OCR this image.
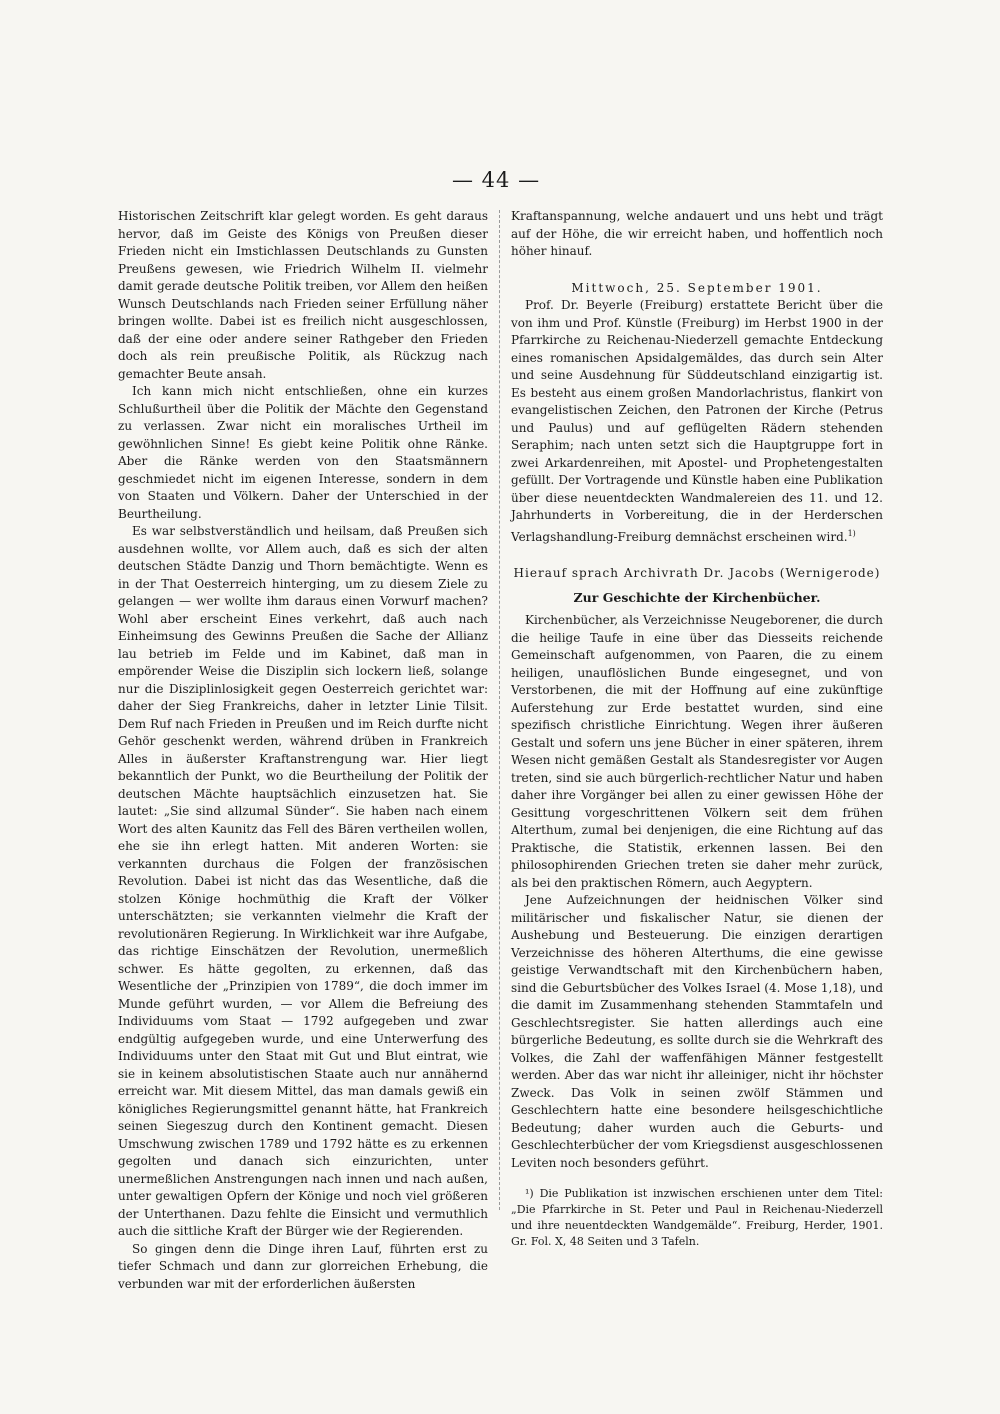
— 44 —

Historischen Zeitschrift klar gelegt worden. Es geht daraus hervor, daß im Geiste des Königs von Preußen dieser Frieden nicht ein Imstichlassen Deutschlands zu Gunsten Preußens gewesen, wie Friedrich Wilhelm II. vielmehr damit gerade deutsche Politik treiben, vor Allem den heißen Wunsch Deutschlands nach Frieden seiner Erfüllung näher bringen wollte. Dabei ist es freilich nicht ausgeschlossen, daß der eine oder andere seiner Rathgeber den Frieden doch als rein preußische Politik, als Rückzug nach gemachter Beute ansah.

Ich kann mich nicht entschließen, ohne ein kurzes Schlußurtheil über die Politik der Mächte den Gegenstand zu verlassen. Zwar nicht ein moralisches Urtheil im gewöhnlichen Sinne! Es giebt keine Politik ohne Ränke. Aber die Ränke werden von den Staatsmännern geschmiedet nicht im eigenen Interesse, sondern in dem von Staaten und Völkern. Daher der Unterschied in der Beurtheilung.

Es war selbstverständlich und heilsam, daß Preußen sich ausdehnen wollte, vor Allem auch, daß es sich der alten deutschen Städte Danzig und Thorn bemächtigte. Wenn es in der That Oesterreich hinterging, um zu diesem Ziele zu gelangen — wer wollte ihm daraus einen Vorwurf machen? Wohl aber erscheint Eines verkehrt, daß auch nach Einheimsung des Gewinns Preußen die Sache der Allianz lau betrieb im Felde und im Kabinet, daß man in empörender Weise die Disziplin sich lockern ließ, solange nur die Disziplinlosigkeit gegen Oesterreich gerichtet war: daher der Sieg Frankreichs, daher in letzter Linie Tilsit. Dem Ruf nach Frieden in Preußen und im Reich durfte nicht Gehör geschenkt werden, während drüben in Frankreich Alles in äußerster Kraftanstrengung war. Hier liegt bekanntlich der Punkt, wo die Beurtheilung der Politik der deutschen Mächte hauptsächlich einzusetzen hat. Sie lautet: „Sie sind allzumal Sünder“. Sie haben nach einem Wort des alten Kaunitz das Fell des Bären vertheilen wollen, ehe sie ihn erlegt hatten. Mit anderen Worten: sie verkannten durchaus die Folgen der französischen Revolution. Dabei ist nicht das das Wesentliche, daß die stolzen Könige hochmüthig die Kraft der Völker unterschätzten; sie verkannten vielmehr die Kraft der revolutionären Regierung. In Wirklichkeit war ihre Aufgabe, das richtige Einschätzen der Revolution, unermeßlich schwer. Es hätte gegolten, zu erkennen, daß das Wesentliche der „Prinzipien von 1789“, die doch immer im Munde geführt wurden, — vor Allem die Befreiung des Individuums vom Staat — 1792 aufgegeben und zwar endgültig aufgegeben wurde, und eine Unterwerfung des Individuums unter den Staat mit Gut und Blut eintrat, wie sie in keinem absolutistischen Staate auch nur annähernd erreicht war. Mit diesem Mittel, das man damals gewiß ein königliches Regierungsmittel genannt hätte, hat Frankreich seinen Siegeszug durch den Kontinent gemacht. Diesen Umschwung zwischen 1789 und 1792 hätte es zu erkennen gegolten und danach sich einzurichten, unter unermeßlichen Anstrengungen nach innen und nach außen, unter gewaltigen Opfern der Könige und noch viel größeren der Unterthanen. Dazu fehlte die Einsicht und vermuthlich auch die sittliche Kraft der Bürger wie der Regierenden.

So gingen denn die Dinge ihren Lauf, führten erst zu tiefer Schmach und dann zur glorreichen Erhebung, die verbunden war mit der erforderlichen äußersten

Kraftanspannung, welche andauert und uns hebt und trägt auf der Höhe, die wir erreicht haben, und hoffentlich noch höher hinauf.

Mittwoch, 25. September 1901.

Prof. Dr. Beyerle (Freiburg) erstattete Bericht über die von ihm und Prof. Künstle (Freiburg) im Herbst 1900 in der Pfarrkirche zu Reichenau-Niederzell gemachte Entdeckung eines romanischen Apsidalgemäldes, das durch sein Alter und seine Ausdehnung für Süddeutschland einzigartig ist. Es besteht aus einem großen Mandorlachristus, flankirt von evangelistischen Zeichen, den Patronen der Kirche (Petrus und Paulus) und auf geflügelten Rädern stehenden Seraphim; nach unten setzt sich die Hauptgruppe fort in zwei Arkardenreihen, mit Apostel- und Prophetengestalten gefüllt. Der Vortragende und Künstle haben eine Publikation über diese neuentdeckten Wandmalereien des 11. und 12. Jahrhunderts in Vorbereitung, die in der Herderschen Verlagshandlung-Freiburg demnächst erscheinen wird.$^{1)}$

Hierauf sprach Archivrath Dr. Jacobs (Wernigerode)

Zur Geschichte der Kirchenbücher.

Kirchenbücher, als Verzeichnisse Neugeborener, die durch die heilige Taufe in eine über das Diesseits reichende Gemeinschaft aufgenommen, von Paaren, die zu einem heiligen, unauflöslichen Bunde eingesegnet, und von Verstorbenen, die mit der Hoffnung auf eine zukünftige Auferstehung zur Erde bestattet wurden, sind eine spezifisch christliche Einrichtung. Wegen ihrer äußeren Gestalt und sofern uns jene Bücher in einer späteren, ihrem Wesen nicht gemäßen Gestalt als Standesregister vor Augen treten, sind sie auch bürgerlich-rechtlicher Natur und haben daher ihre Vorgänger bei allen zu einer gewissen Höhe der Gesittung vorgeschrittenen Völkern seit dem frühen Alterthum, zumal bei denjenigen, die eine Richtung auf das Praktische, die Statistik, erkennen lassen. Bei den philosophirenden Griechen treten sie daher mehr zurück, als bei den praktischen Römern, auch Aegyptern.

Jene Aufzeichnungen der heidnischen Völker sind militärischer und fiskalischer Natur, sie dienen der Aushebung und Besteuerung. Die einzigen derartigen Verzeichnisse des höheren Alterthums, die eine gewisse geistige Verwandtschaft mit den Kirchenbüchern haben, sind die Geburtsbücher des Volkes Israel (4. Mose 1,18), und die damit im Zusammenhang stehenden Stammtafeln und Geschlechtsregister. Sie hatten allerdings auch eine bürgerliche Bedeutung, es sollte durch sie die Wehrkraft des Volkes, die Zahl der waffenfähigen Männer festgestellt werden. Aber das war nicht ihr alleiniger, nicht ihr höchster Zweck. Das Volk in seinen zwölf Stämmen und Geschlechtern hatte eine besondere heilsgeschichtliche Bedeutung; daher wurden auch die Geburts- und Geschlechterbücher der vom Kriegsdienst ausgeschlossenen Leviten noch besonders geführt.

¹) Die Publikation ist inzwischen erschienen unter dem Titel: „Die Pfarrkirche in St. Peter und Paul in Reichenau-Niederzell und ihre neuentdeckten Wandgemälde“. Freiburg, Herder, 1901. Gr. Fol. X, 48 Seiten und 3 Tafeln.
